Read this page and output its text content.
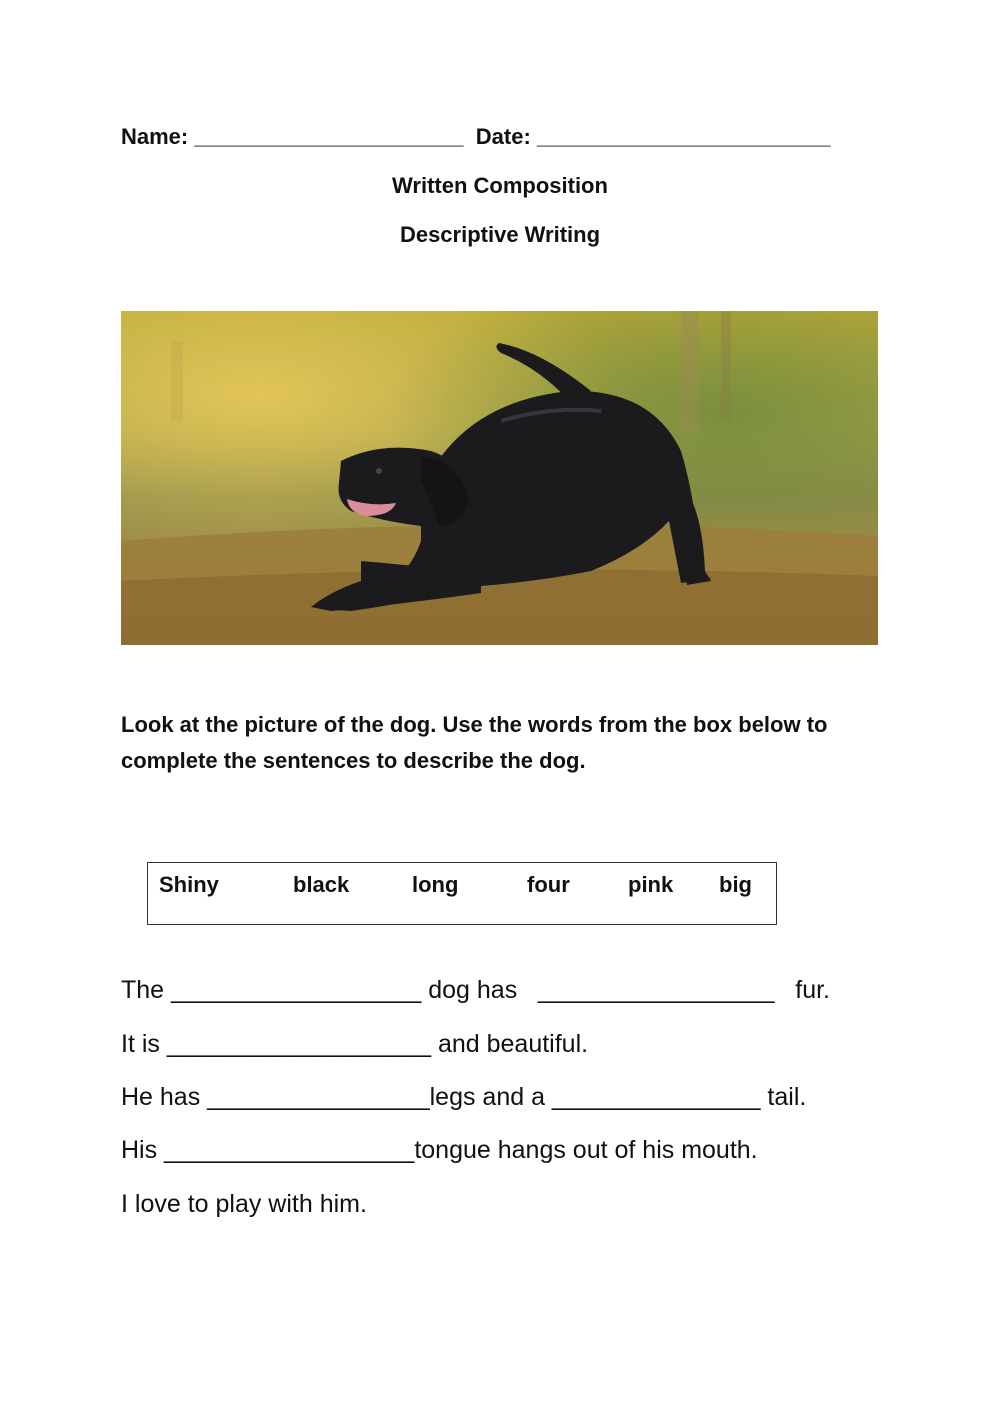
Name: ______________________  Date: ________________________
Written Composition
Descriptive Writing
Look at the picture of the dog. Use the words from the box below to complete the sentences to describe the dog.
Shiny	black	long	four	pink big
The __________________ dog has   _________________   fur.
It is ___________________ and beautiful.
He has ________________legs and a _______________ tail.
His __________________tongue hangs out of his mouth.
I love to play with him.
